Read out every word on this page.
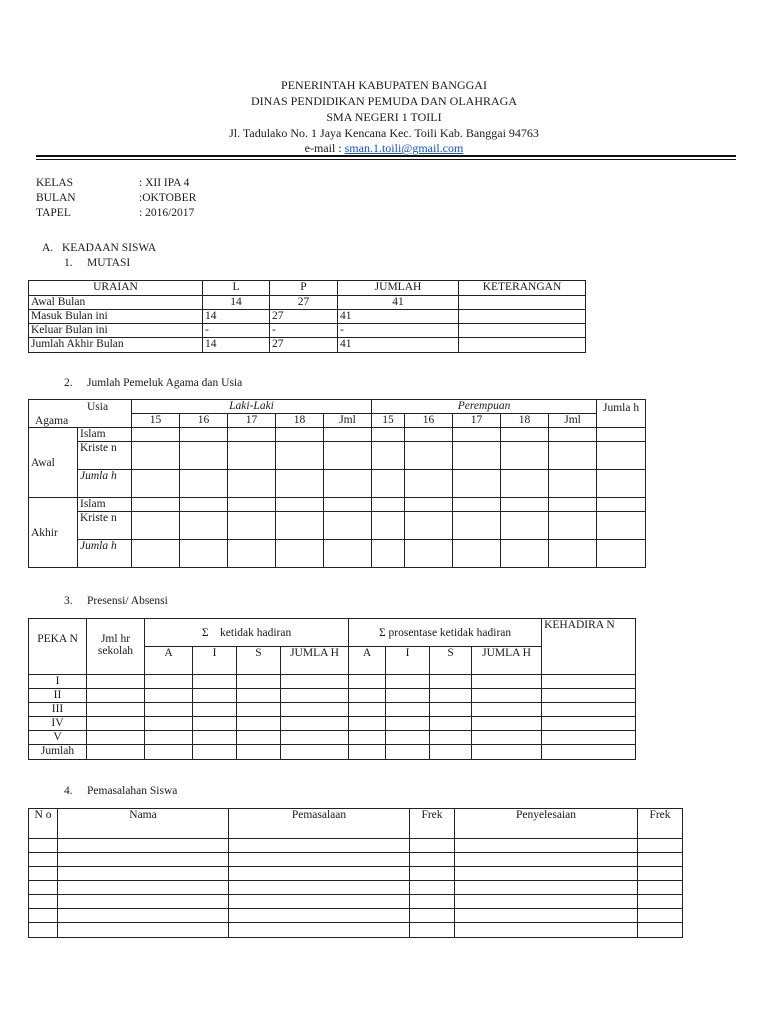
PENERINTAH KABUPATEN BANGGAI
DINAS PENDIDIKAN PEMUDA DAN OLAHRAGA
SMA NEGERI 1 TOILI
Jl. Tadulako No. 1 Jaya Kencana Kec. Toili Kab. Banggai 94763
e-mail : sman.1.toili@gmail.com
KELAS
BULAN
TAPEL
: XII IPA 4
:OKTOBER
: 2016/2017
A. KEADAAN SISWA
1. MUTASI
URAIAN	L	P	JUMLAH	KETERANGAN
Awal Bulan	14	27	41	
Masuk Bulan ini	14	27	41	
Keluar Bulan ini	-	-	-	
Jumlah Akhir Bulan	14	27	41	
2. Jumlah Pemeluk Agama dan Usia
Usia
Agama		Laki-Laki					Perempuan					Jumla h
		15	16	17	18	Jml	15	16	17	18	Jml	
Awal	Islam											
	Kriste n											
	Jumla h											
Akhir	Islam											
	Kriste n											
	Jumla h											
3. Presensi/ Absensi
PEKA N	Jml hr sekolah	Σ ketidak hadiran				Σ prosentase ketidak hadiran				KEHADIRA N
		A	I	S	JUMLA H	A	I	S	JUMLA H	
I										
II										
III										
IV										
V										
Jumlah										
4. Pemasalahan Siswa
N o	Nama	Pemasalaan	Frek	Penyelesaian	Frek
